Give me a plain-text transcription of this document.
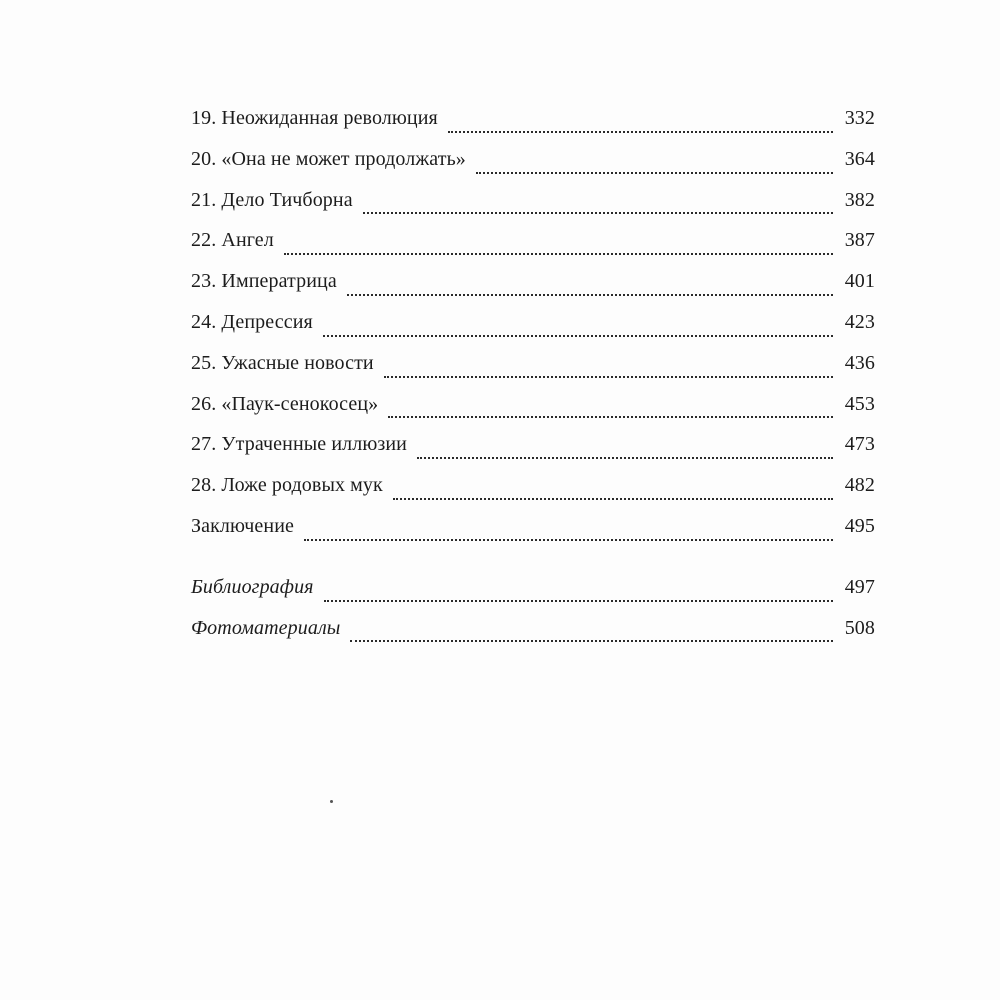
19. Неожиданная революция	332
20. «Она не может продолжать»	364
21. Дело Тичборна	382
22. Ангел	387
23. Императрица	401
24. Депрессия	423
25. Ужасные новости	436
26. «Паук-сенокосец»	453
27. Утраченные иллюзии	473
28. Ложе родовых мук	482
Заключение	495
Библиография	497
Фотоматериалы	508
